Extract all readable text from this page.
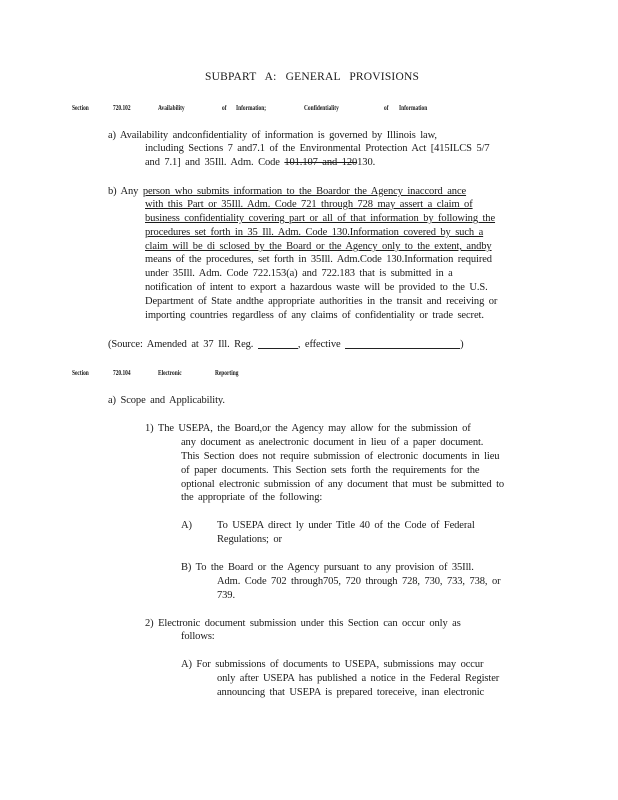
SUBPART A: GENERAL PROVISIONS
Section	720.102	Availability	of Information;	Confidentiality	of Information
a) Availability andconfidentiality of information is governed by Illinois law,
including Sections 7 and7.1 of the Environmental Protection Act [415ILCS 5/7
and 7.1] and 35Ill. Adm. Code 101.107 and 120130.
b) Any person who submits information to the Boardor the Agency inaccord ance
with this Part or 35Ill. Adm. Code 721 through 728 may assert a claim of
business confidentiality covering part or all of that information by following the
procedures set forth in 35 Ill. Adm. Code 130.Information covered by such a
claim will be di sclosed by the Board or the Agency only to the extent, andby
means of the procedures, set forth in 35Ill. Adm.Code 130.Information required
under 35Ill. Adm. Code 722.153(a) and 722.183 that is submitted in a
notification of intent to export a hazardous waste will be provided to the U.S.
Department of State andthe appropriate authorities in the transit and receiving or
importing countries regardless of any claims of confidentiality or trade secret.
(Source: Amended at 37 Ill. Reg.	, effective	)
Section	720.104	Electronic	Reporting
a) Scope and Applicability.
1) The USEPA, the Board,or the Agency may allow for the submission of
any document as anelectronic document in lieu of a paper document.
This Section does not require submission of electronic documents in lieu
of paper documents. This Section sets forth the requirements for the
optional electronic submission of any document that must be submitted to
the appropriate of the following:
A) To USEPA direct ly under Title 40 of the Code of Federal
Regulations; or
B) To the Board or the Agency pursuant to any provision of 35Ill.
Adm. Code 702 through705, 720 through 728, 730, 733, 738, or
739.
2) Electronic document submission under this Section can occur only as
follows:
A) For submissions of documents to USEPA, submissions may occur
only after USEPA has published a notice in the Federal Register
announcing that USEPA is prepared toreceive, inan electronic
